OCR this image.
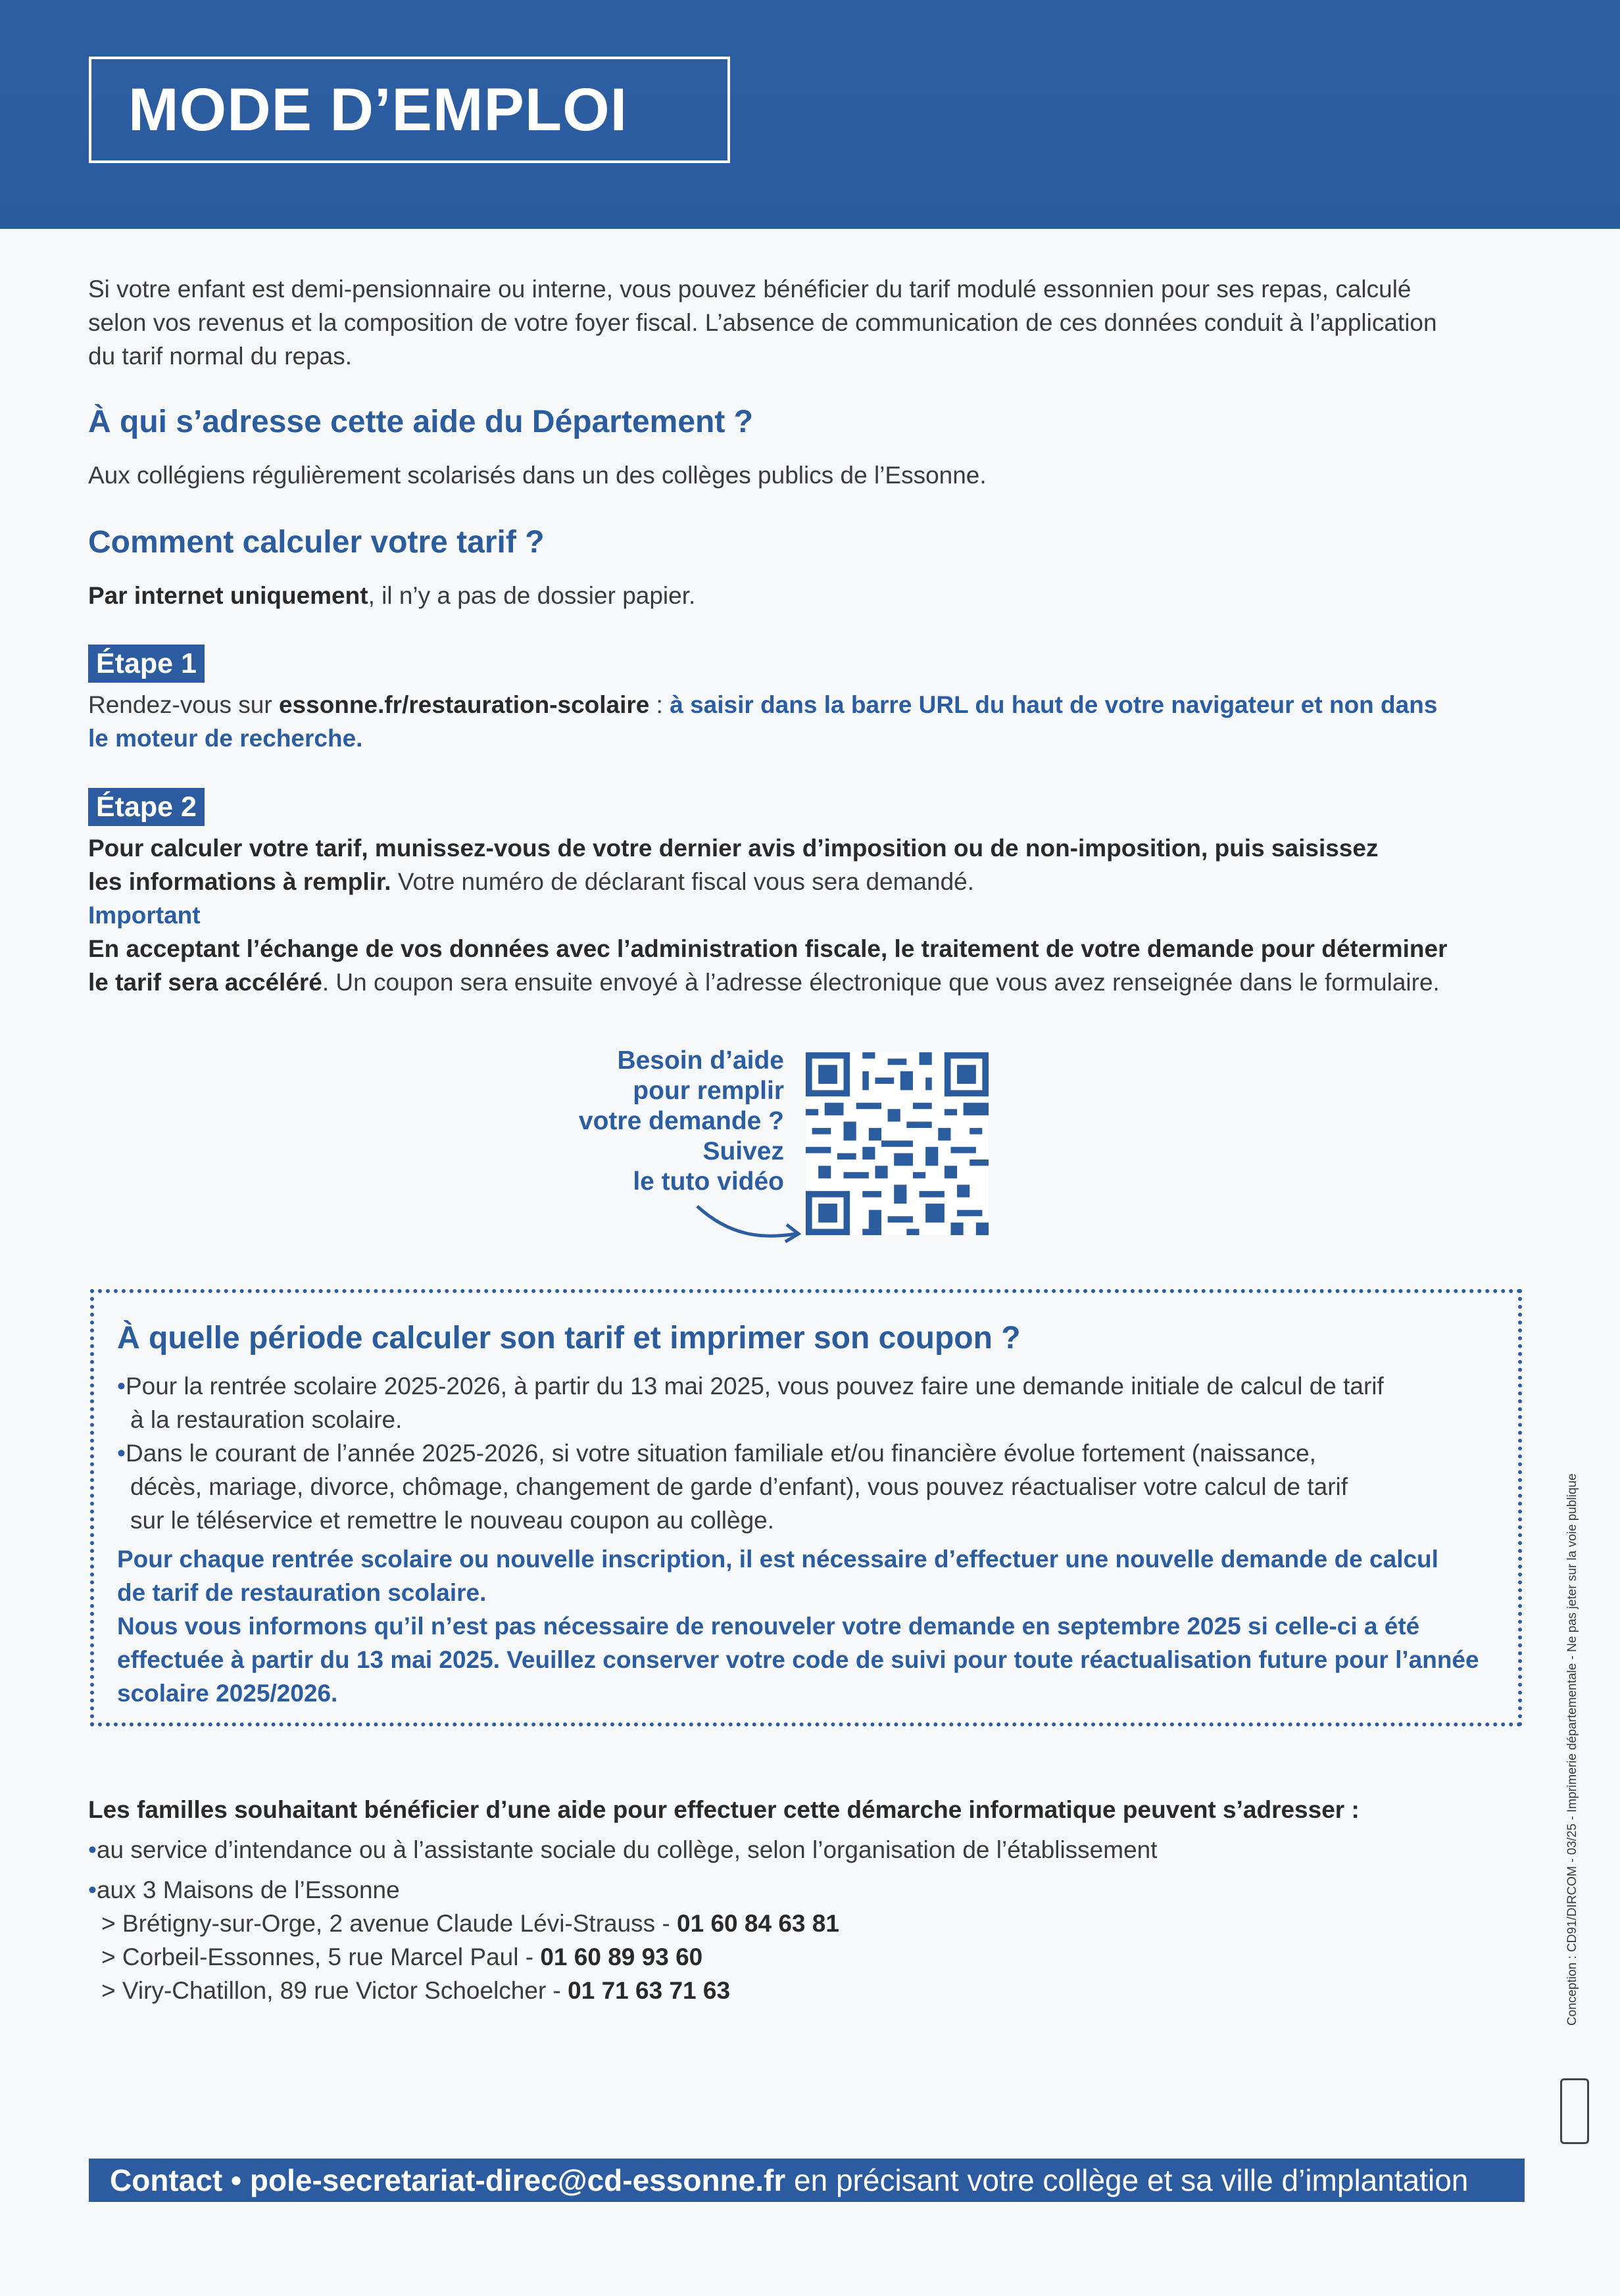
MODE D’EMPLOI
Si votre enfant est demi-pensionnaire ou interne, vous pouvez bénéficier du tarif modulé essonnien pour ses repas, calculé
selon vos revenus et la composition de votre foyer fiscal. L’absence de communication de ces données conduit à l’application
du tarif normal du repas.
À qui s’adresse cette aide du Département ?
Aux collégiens régulièrement scolarisés dans un des collèges publics de l’Essonne.
Comment calculer votre tarif ?
Par internet uniquement, il n’y a pas de dossier papier.
Étape 1
Rendez-vous sur essonne.fr/restauration-scolaire : à saisir dans la barre URL du haut de votre navigateur et non dans
le moteur de recherche.
Étape 2
Pour calculer votre tarif, munissez-vous de votre dernier avis d’imposition ou de non-imposition, puis saisissez
les informations à remplir. Votre numéro de déclarant fiscal vous sera demandé.
Important
En acceptant l’échange de vos données avec l’administration fiscale, le traitement de votre demande pour déterminer
le tarif sera accéléré. Un coupon sera ensuite envoyé à l’adresse électronique que vous avez renseignée dans le formulaire.
Besoin d’aide
pour remplir
votre demande ?
Suivez
le tuto vidéo
À quelle période calculer son tarif et imprimer son coupon ?
•Pour la rentrée scolaire 2025-2026, à partir du 13 mai 2025, vous pouvez faire une demande initiale de calcul de tarif
à la restauration scolaire.
•Dans le courant de l’année 2025-2026, si votre situation familiale et/ou financière évolue fortement (naissance,
décès, mariage, divorce, chômage, changement de garde d’enfant), vous pouvez réactualiser votre calcul de tarif
sur le téléservice et remettre le nouveau coupon au collège.
Pour chaque rentrée scolaire ou nouvelle inscription, il est nécessaire d’effectuer une nouvelle demande de calcul
de tarif de restauration scolaire.
Nous vous informons qu’il n’est pas nécessaire de renouveler votre demande en septembre 2025 si celle-ci a été
effectuée à partir du 13 mai 2025. Veuillez conserver votre code de suivi pour toute réactualisation future pour l’année
scolaire 2025/2026.
Les familles souhaitant bénéficier d’une aide pour effectuer cette démarche informatique peuvent s’adresser :
•au service d’intendance ou à l’assistante sociale du collège, selon l’organisation de l’établissement
•aux 3 Maisons de l’Essonne
> Brétigny-sur-Orge, 2 avenue Claude Lévi-Strauss - 01 60 84 63 81
> Corbeil-Essonnes, 5 rue Marcel Paul - 01 60 89 93 60
> Viry-Chatillon, 89 rue Victor Schoelcher - 01 71 63 71 63
Contact • pole-secretariat-direc@cd-essonne.fr en précisant votre collège et sa ville d’implantation
Conception : CD91/DIRCOM - 03/25 - Imprimerie départementale - Ne pas jeter sur la voie publique
